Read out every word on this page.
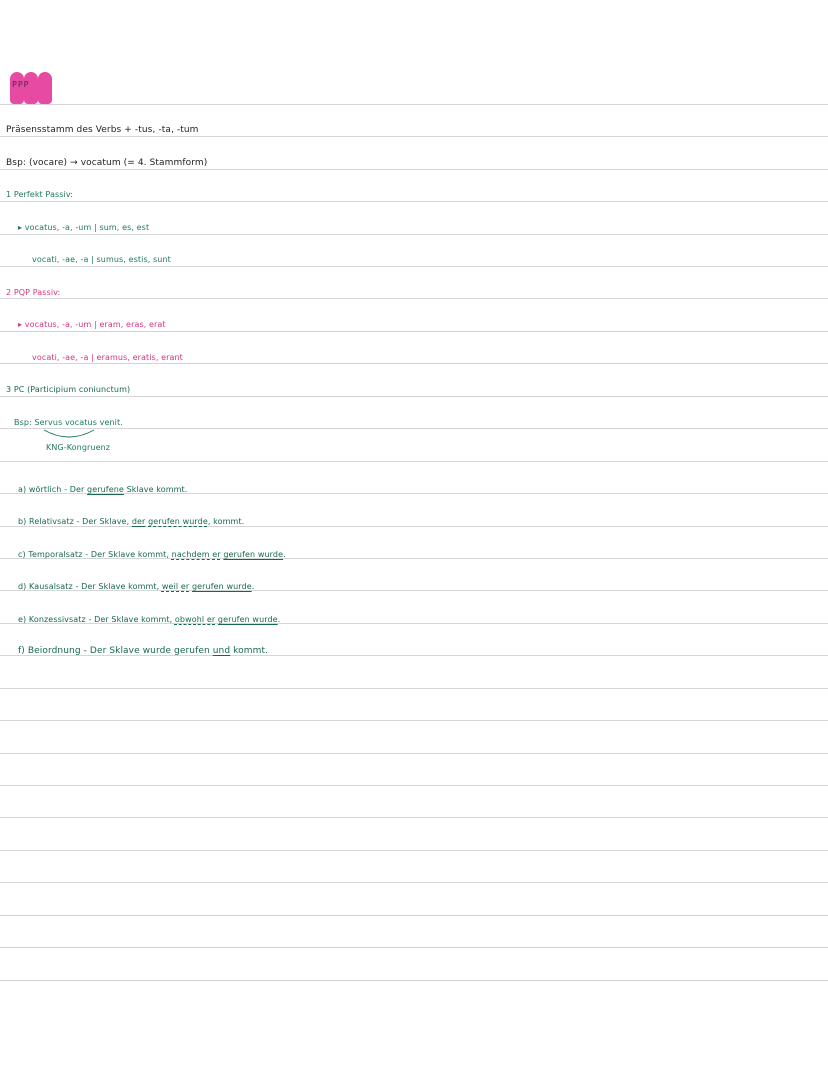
PPP
Präsensstamm des Verbs + -tus, -ta, -tum
Bsp: (vocare) → vocatum (= 4. Stammform)
1 Perfekt Passiv:
▸ vocatus, -a, -um | sum, es, est
vocati, -ae, -a | sumus, estis, sunt
2 PQP Passiv:
▸ vocatus, -a, -um | eram, eras, erat
vocati, -ae, -a | eramus, eratis, erant
3 PC (Participium coniunctum)
Bsp: Servus vocatus venit.
KNG-Kongruenz
a) wörtlich - Der gerufene Sklave kommt.
b) Relativsatz - Der Sklave, der gerufen wurde, kommt.
c) Temporalsatz - Der Sklave kommt, nachdem er gerufen wurde.
d) Kausalsatz - Der Sklave kommt, weil er gerufen wurde.
e) Konzessivsatz - Der Sklave kommt, obwohl er gerufen wurde.
f) Beiordnung - Der Sklave wurde gerufen und kommt.
